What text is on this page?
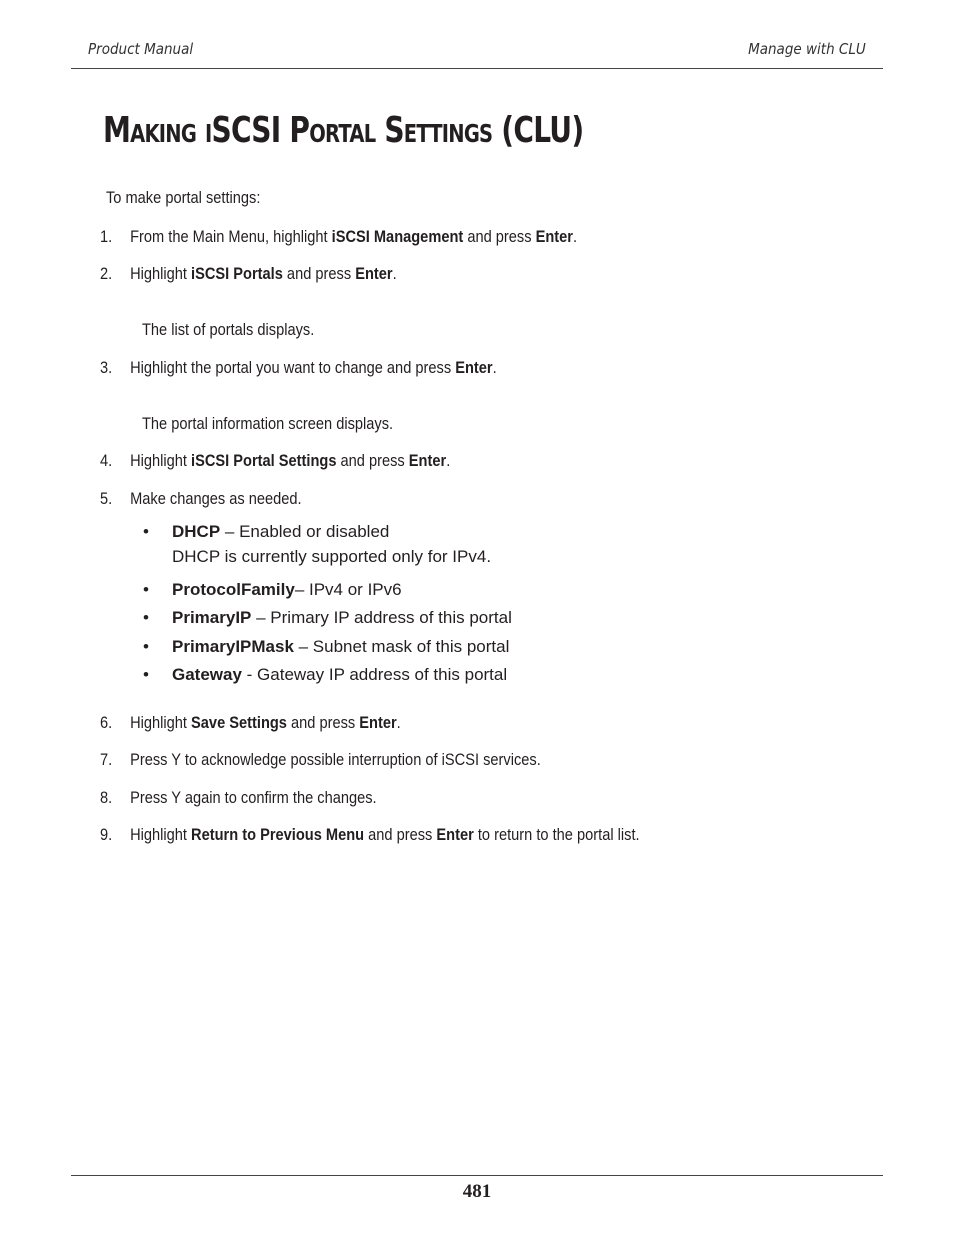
Product Manual	Manage with CLU
Making iSCSI Portal Settings (CLU)
To make portal settings:
1. From the Main Menu, highlight iSCSI Management and press Enter.
2. Highlight iSCSI Portals and press Enter.
The list of portals displays.
3. Highlight the portal you want to change and press Enter.
The portal information screen displays.
4. Highlight iSCSI Portal Settings and press Enter.
5. Make changes as needed.
• DHCP – Enabled or disabled
DHCP is currently supported only for IPv4.
• ProtocolFamily– IPv4 or IPv6
• PrimaryIP – Primary IP address of this portal
• PrimaryIPMask – Subnet mask of this portal
• Gateway - Gateway IP address of this portal
6. Highlight Save Settings and press Enter.
7. Press Y to acknowledge possible interruption of iSCSI services.
8. Press Y again to confirm the changes.
9. Highlight Return to Previous Menu and press Enter to return to the portal list.
481
